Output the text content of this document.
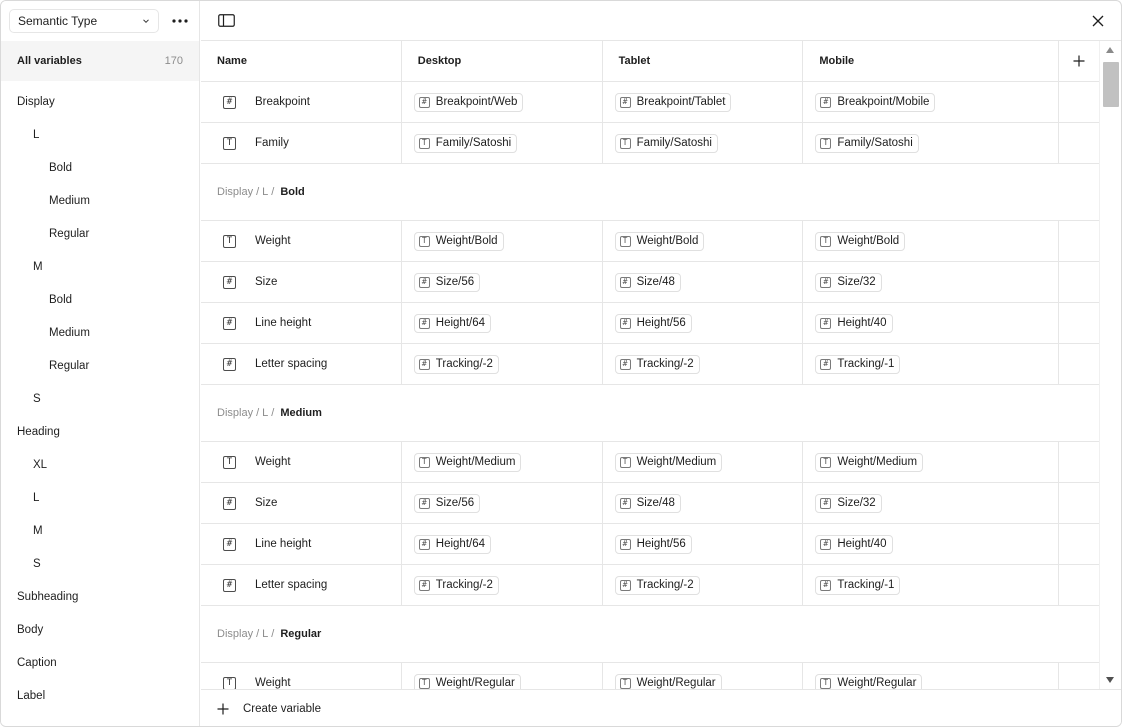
Semantic Type
All variables	170
Display
L
Bold
Medium
Regular
M
Bold
Medium
Regular
S
Heading
XL
L
M
S
Subheading
Body
Caption
Label
Name	Desktop	Tablet	Mobile
#	Breakpoint	# Breakpoint/Web	# Breakpoint/Tablet	# Breakpoint/Mobile
T	Family	T Family/Satoshi	T Family/Satoshi	T Family/Satoshi
Display / L / Bold
T	Weight	T Weight/Bold	T Weight/Bold	T Weight/Bold
#	Size	# Size/56	# Size/48	# Size/32
#	Line height	# Height/64	# Height/56	# Height/40
#	Letter spacing	# Tracking/-2	# Tracking/-2	# Tracking/-1
Display / L / Medium
T	Weight	T Weight/Medium	T Weight/Medium	T Weight/Medium
#	Size	# Size/56	# Size/48	# Size/32
#	Line height	# Height/64	# Height/56	# Height/40
#	Letter spacing	# Tracking/-2	# Tracking/-2	# Tracking/-1
Display / L / Regular
T	Weight	T Weight/Regular	T Weight/Regular	T Weight/Regular
Create variable
